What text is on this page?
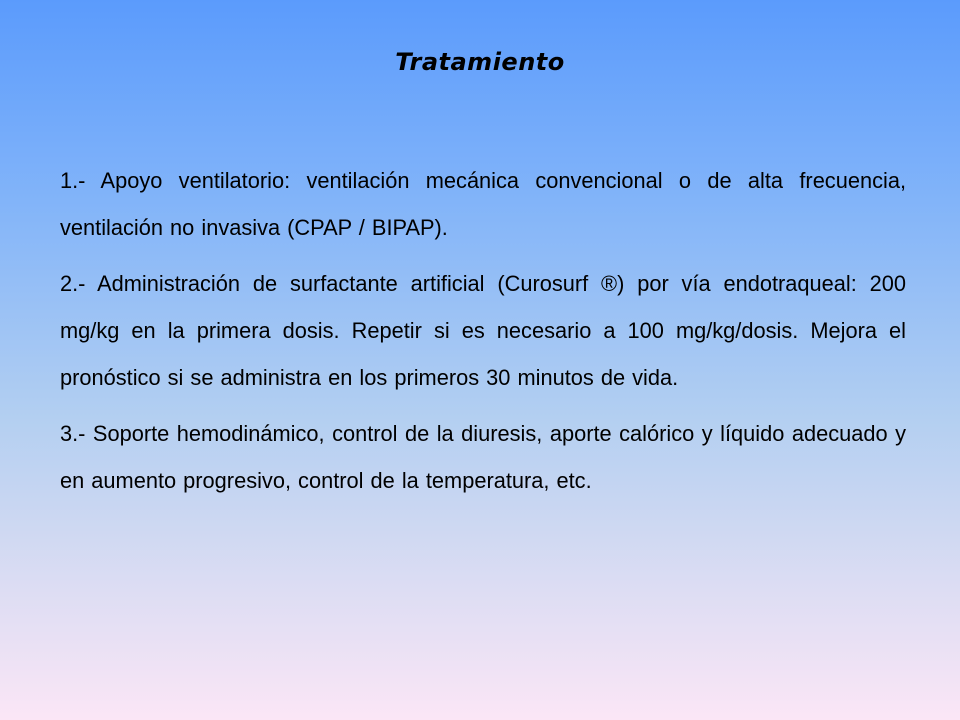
Tratamiento

1.- Apoyo ventilatorio: ventilación mecánica convencional o de alta frecuencia, ventilación no invasiva (CPAP / BIPAP).

2.- Administración de surfactante artificial (Curosurf ®) por vía endotraqueal: 200 mg/kg en la primera dosis. Repetir si es necesario a 100 mg/kg/dosis. Mejora el pronóstico si se administra en los primeros 30 minutos de vida.

3.- Soporte hemodinámico, control de la diuresis, aporte calórico y líquido adecuado y en aumento progresivo, control de la temperatura, etc.
